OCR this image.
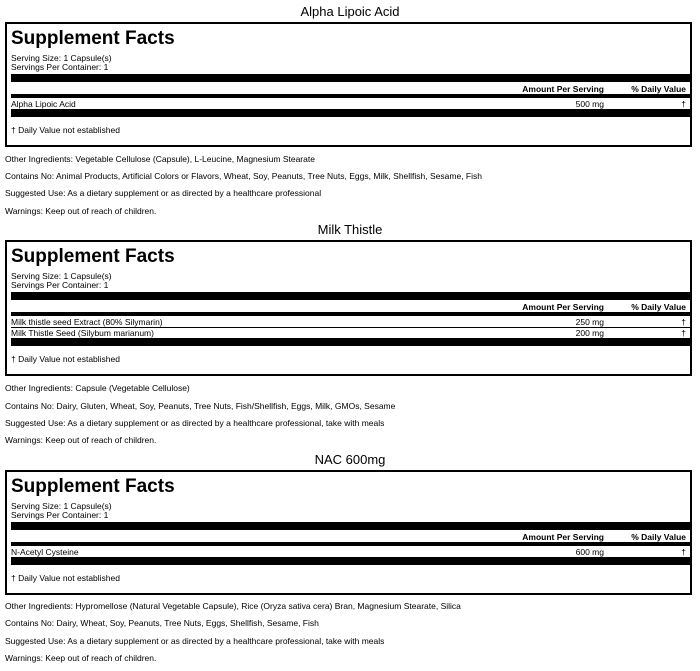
Alpha Lipoic Acid
Supplement Facts
Serving Size: 1 Capsule(s)
Servings Per Container: 1
Amount Per Serving	% Daily Value
Alpha Lipoic Acid	500 mg	†
† Daily Value not established
Other Ingredients: Vegetable Cellulose (Capsule), L-Leucine, Magnesium Stearate
Contains No: Animal Products, Artificial Colors or Flavors, Wheat, Soy, Peanuts, Tree Nuts, Eggs, Milk, Shellfish, Sesame, Fish
Suggested Use: As a dietary supplement or as directed by a healthcare professional
Warnings: Keep out of reach of children.
Milk Thistle
Supplement Facts
Serving Size: 1 Capsule(s)
Servings Per Container: 1
Amount Per Serving	% Daily Value
Milk thistle seed Extract (80% Silymarin)	250 mg	†
Milk Thistle Seed (Silybum marianum)	200 mg	†
† Daily Value not established
Other Ingredients: Capsule (Vegetable Cellulose)
Contains No: Dairy, Gluten, Wheat, Soy, Peanuts, Tree Nuts, Fish/Shellfish, Eggs, Milk, GMOs, Sesame
Suggested Use: As a dietary supplement or as directed by a healthcare professional, take with meals
Warnings: Keep out of reach of children.
NAC 600mg
Supplement Facts
Serving Size: 1 Capsule(s)
Servings Per Container: 1
Amount Per Serving	% Daily Value
N-Acetyl Cysteine	600 mg	†
† Daily Value not established
Other Ingredients: Hypromellose (Natural Vegetable Capsule), Rice (Oryza sativa cera) Bran, Magnesium Stearate, Silica
Contains No: Dairy, Wheat, Soy, Peanuts, Tree Nuts, Eggs, Shellfish, Sesame, Fish
Suggested Use: As a dietary supplement or as directed by a healthcare professional, take with meals
Warnings: Keep out of reach of children.
